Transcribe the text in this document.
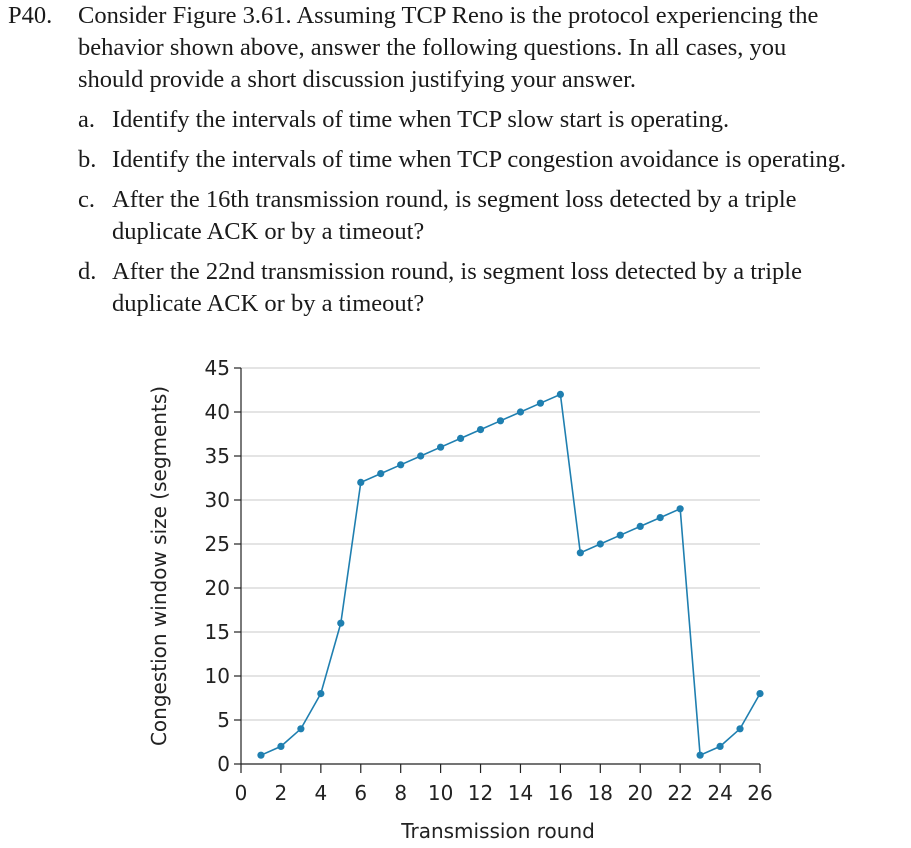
P40. Consider Figure 3.61. Assuming TCP Reno is the protocol experiencing the
behavior shown above, answer the following questions. In all cases, you
should provide a short discussion justifying your answer.
a. Identify the intervals of time when TCP slow start is operating.
b. Identify the intervals of time when TCP congestion avoidance is operating.
c. After the 16th transmission round, is segment loss detected by a triple
duplicate ACK or by a timeout?
d. After the 22nd transmission round, is segment loss detected by a triple
duplicate ACK or by a timeout?
0
5
10
15
20
25
30
35
40
45
0 2 4 6 8 10 12 14 16 18 20 22 24 26
Transmission round
Congestion window size (segments)
